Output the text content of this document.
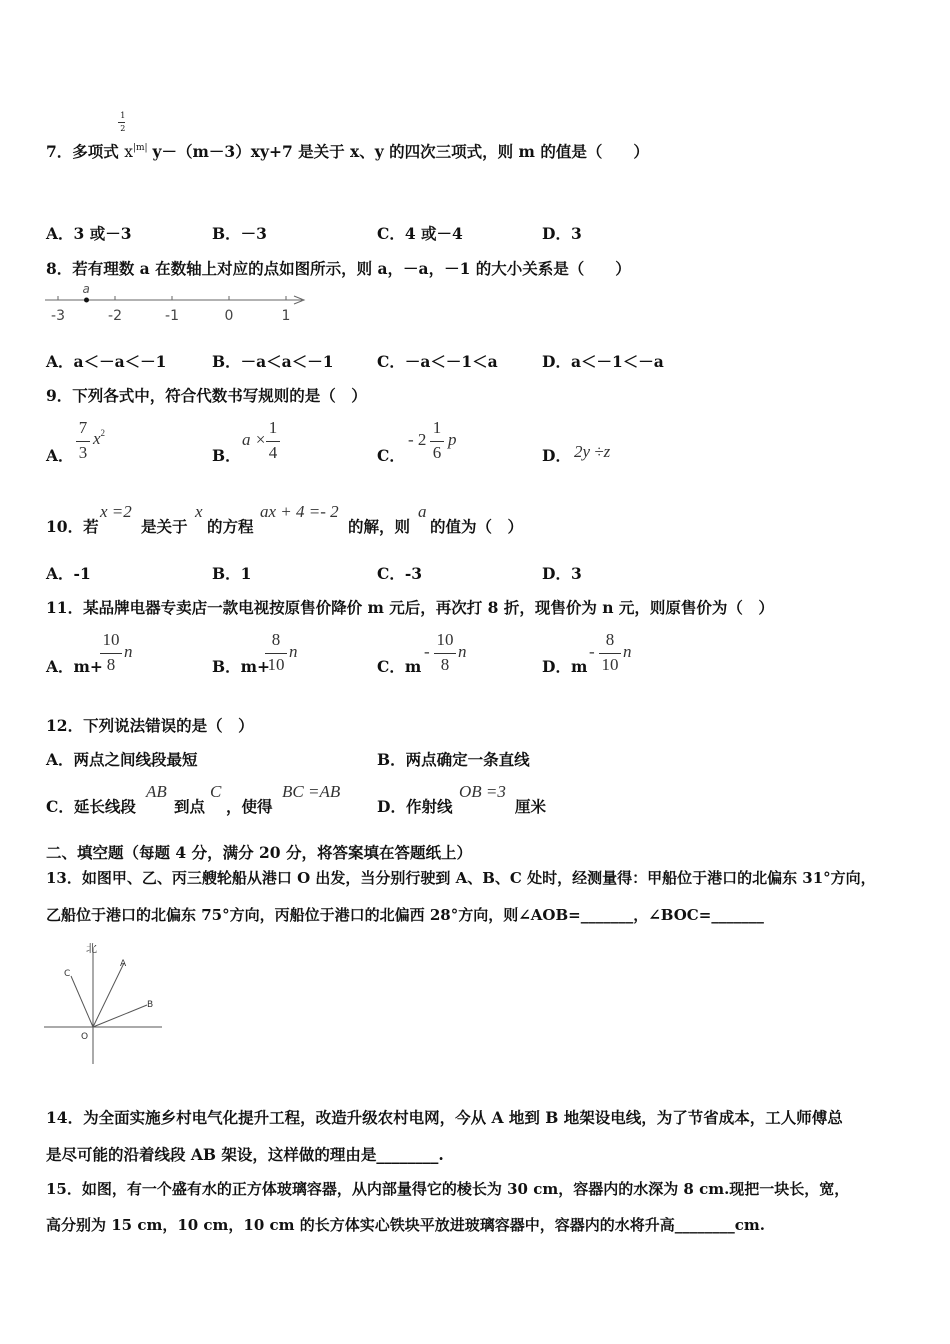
7．多项式 $x^{|m|}$
1
2
y－（m－3）xy+7 是关于 x、y 的四次三项式，则 m 的值是（　　）
A．3 或－3	B．－3	C．4 或－4	D．3
8．若有理数 a 在数轴上对应的点如图所示，则 a，－a，－1 的大小关系是（　　）
-3	-2	-1	0	1
a
A．a＜－a＜－1	B．－a＜a＜－1	C．－a＜－1＜a	D．a＜－1＜－a
9．下列各式中，符合代数书写规则的是（　）
A．
7
3
$x^2$
B．
a ×
1
4	C．
- 2
1
6
p
D． 2y ÷z
10．若
x =2
是关于
x
的方程
ax + 4 =- 2
的解，则
a
的值为（　）
A．-1	B．1	C．-3	D．3
11．某品牌电器专卖店一款电视按原售价降价 m 元后，再次打 8 折，现售价为 n 元，则原售价为（　）
A．m+
10
8
n
B．m+
8
10
n
C．m
-
10
8
n
D．m
-
8
10
n
12．下列说法错误的是（　）
A．两点之间线段最短	B．两点确定一条直线
C．延长线段
AB
到点
C
，使得
BC =AB
D．作射线
OB =3
厘米
二、填空题（每题 4 分，满分 20 分，将答案填在答题纸上）
13．如图甲、乙、丙三艘轮船从港口 O 出发，当分别行驶到 A、B、C 处时，经测量得：甲船位于港口的北偏东 31°方向，
乙船位于港口的北偏东 75°方向，丙船位于港口的北偏西 28°方向，则∠AOB=_______，∠BOC=_______
北
A
B
C
O
14．为全面实施乡村电气化提升工程，改造升级农村电网，今从 A 地到 B 地架设电线，为了节省成本，工人师傅总
是尽可能的沿着线段 AB 架设，这样做的理由是________.
15．如图，有一个盛有水的正方体玻璃容器，从内部量得它的棱长为 30 cm，容器内的水深为 8 cm.现把一块长，宽，
高分别为 15 cm，10 cm，10 cm 的长方体实心铁块平放进玻璃容器中，容器内的水将升高________cm.
